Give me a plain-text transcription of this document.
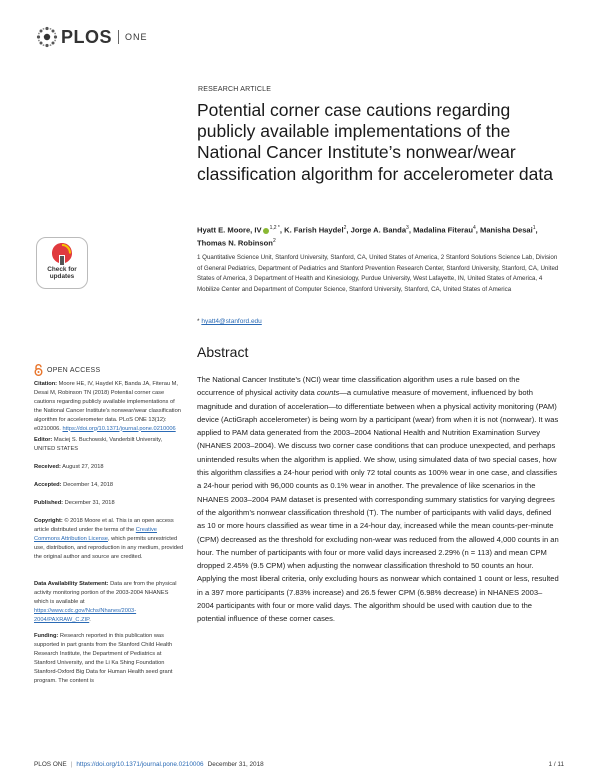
PLOS ONE
RESEARCH ARTICLE
Potential corner case cautions regarding publicly available implementations of the National Cancer Institute’s nonwear/wear classification algorithm for accelerometer data
Hyatt E. Moore, IV $^{1,2 *}$, K. Farish Haydel$^2$, Jorge A. Banda$^3$, Madalina Fiterau$^4$, Manisha Desai$^1$, Thomas N. Robinson$^2$
1 Quantitative Science Unit, Stanford University, Stanford, CA, United States of America, 2 Stanford Solutions Science Lab, Division of General Pediatrics, Department of Pediatrics and Stanford Prevention Research Center, Stanford University, Stanford, CA, United States of America, 3 Department of Health and Kinesiology, Purdue University, West Lafayette, IN, United States of America, 4 Mobilize Center and Department of Computer Science, Stanford University, Stanford, CA, United States of America
* hyatt4@stanford.edu
Abstract

The National Cancer Institute’s (NCI) wear time classification algorithm uses a rule based on the occurrence of physical activity data counts—a cumulative measure of movement, influenced by both magnitude and duration of acceleration—to differentiate between when a physical activity monitoring (PAM) device (ActiGraph accelerometer) is being worn by a participant (wear) from when it is not (nonwear). It was applied to PAM data generated from the 2003–2004 National Health and Nutrition Examination Survey (NHANES 2003–2004). We discuss two corner case conditions that can produce unexpected, and perhaps unintended results when the algorithm is applied. We show, using simulated data of two special cases, how this algorithm classifies a 24-hour period with only 72 total counts as 100% wear in one case, and classifies a 24-hour period with 96,000 counts as 0.1% wear in another. The prevalence of like scenarios in the NHANES 2003–2004 PAM dataset is presented with corresponding summary statistics for varying degrees of the algorithm’s nonwear classification threshold (T). The number of participants with valid days, defined as 10 or more hours classified as wear time in a 24-hour day, increased while the mean counts-per-minute (CPM) decreased as the threshold for excluding non-wear was reduced from the allowed 4,000 counts in an hour. The number of participants with four or more valid days increased 2.29% (n = 113) and mean CPM dropped 2.45% (9.5 CPM) when adjusting the nonwear classification threshold to 50 counts an hour. Applying the most liberal criteria, only excluding hours as nonwear which contained 1 count or less, resulted in a 397 more participants (7.83% increase) and 26.5 fewer CPM (6.98% decrease) in NHANES 2003–2004 participants with four or more valid days. The algorithm should be used with caution due to the potential influence of these corner cases.

Check for
updates
OPEN ACCESS

Citation: Moore HE, IV, Haydel KF, Banda JA, Fiterau M, Desai M, Robinson TN (2018) Potential corner case cautions regarding publicly available implementations of the National Cancer Institute’s nonwear/wear classification algorithm for accelerometer data. PLoS ONE 13(12): e0210006. https://doi.org/10.1371/journal.pone.0210006

Editor: Maciej S. Buchowski, Vanderbilt University, UNITED STATES

Received: August 27, 2018

Accepted: December 14, 2018

Published: December 31, 2018

Copyright: © 2018 Moore et al. This is an open access article distributed under the terms of the Creative Commons Attribution License, which permits unrestricted use, distribution, and reproduction in any medium, provided the original author and source are credited.

Data Availability Statement: Data are from the physical activity monitoring portion of the 2003-2004 NHANES which is available at https://www.cdc.gov/Nchs/Nhanes/2003-2004/PAXRAW_C.ZIP.

Funding: Research reported in this publication was supported in part grants from the Stanford Child Health Research Institute, the Department of Pediatrics at Stanford University, and the Li Ka Shing Foundation Stanford-Oxford Big Data for Human Health seed grant program. The content is

PLOS ONE | https://doi.org/10.1371/journal.pone.0210006 December 31, 2018	1 / 11
